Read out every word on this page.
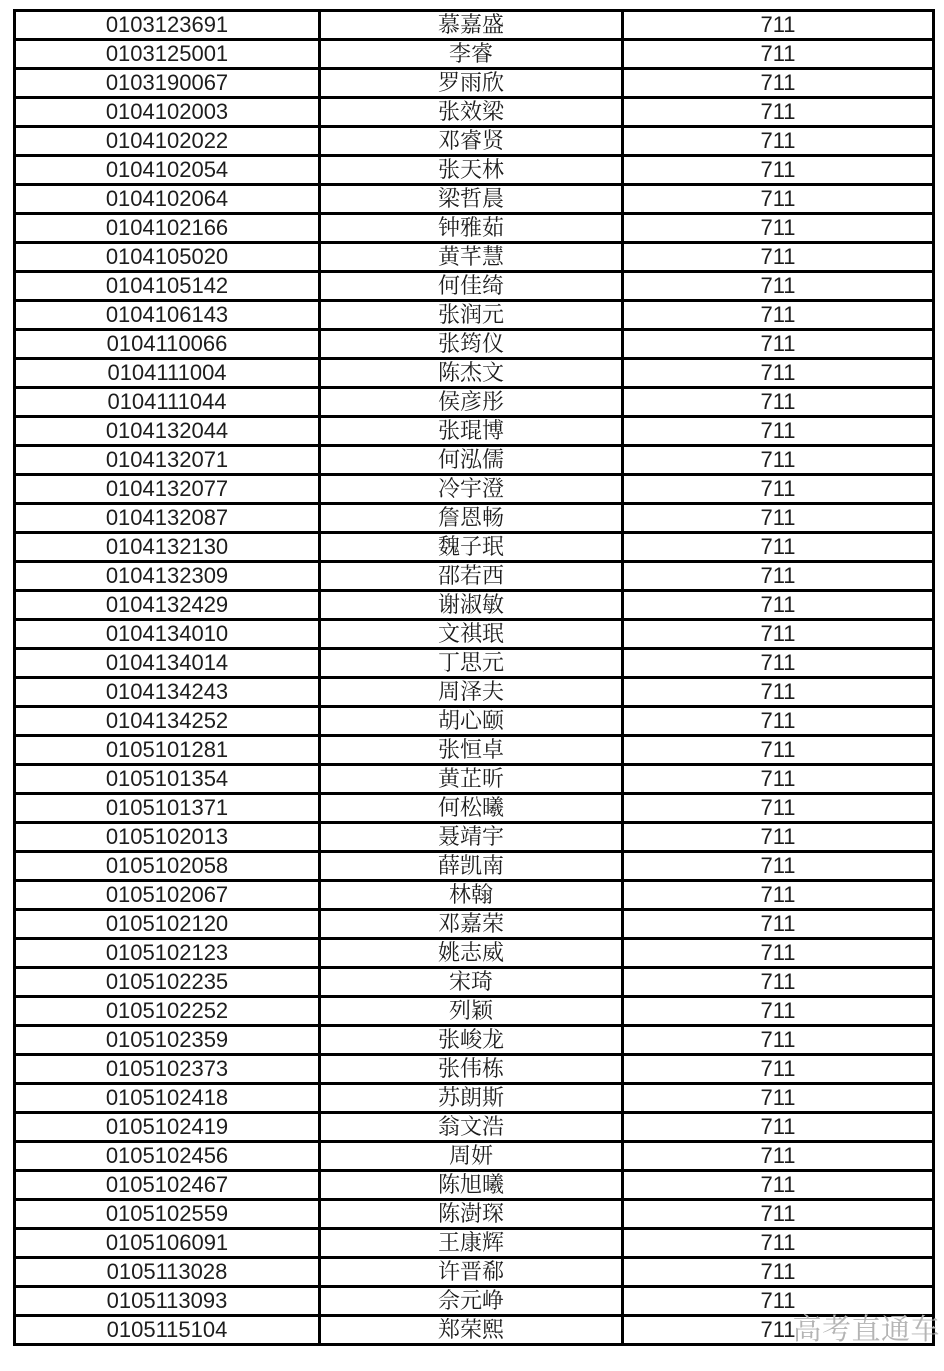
0103123691	慕嘉盛	711
0103125001	李睿	711
0103190067	罗雨欣	711
0104102003	张效梁	711
0104102022	邓睿贤	711
0104102054	张天林	711
0104102064	梁哲晨	711
0104102166	钟雅茹	711
0104105020	黄芊慧	711
0104105142	何佳绮	711
0104106143	张润元	711
0104110066	张筠仪	711
0104111004	陈杰文	711
0104111044	侯彦彤	711
0104132044	张琨博	711
0104132071	何泓儒	711
0104132077	冷宇澄	711
0104132087	詹恩畅	711
0104132130	魏子珉	711
0104132309	邵若西	711
0104132429	谢淑敏	711
0104134010	文祺珉	711
0104134014	丁思元	711
0104134243	周泽夫	711
0104134252	胡心颐	711
0105101281	张恒卓	711
0105101354	黄芷昕	711
0105101371	何松曦	711
0105102013	聂靖宇	711
0105102058	薛凯南	711
0105102067	林翰	711
0105102120	邓嘉荣	711
0105102123	姚志威	711
0105102235	宋琦	711
0105102252	列颖	711
0105102359	张峻龙	711
0105102373	张伟栋	711
0105102418	苏朗斯	711
0105102419	翁文浩	711
0105102456	周妍	711
0105102467	陈旭曦	711
0105102559	陈澍琛	711
0105106091	王康辉	711
0105113028	许晋郗	711
0105113093	佘元峥	711
0105115104	郑荣熙	711
高考直通车
